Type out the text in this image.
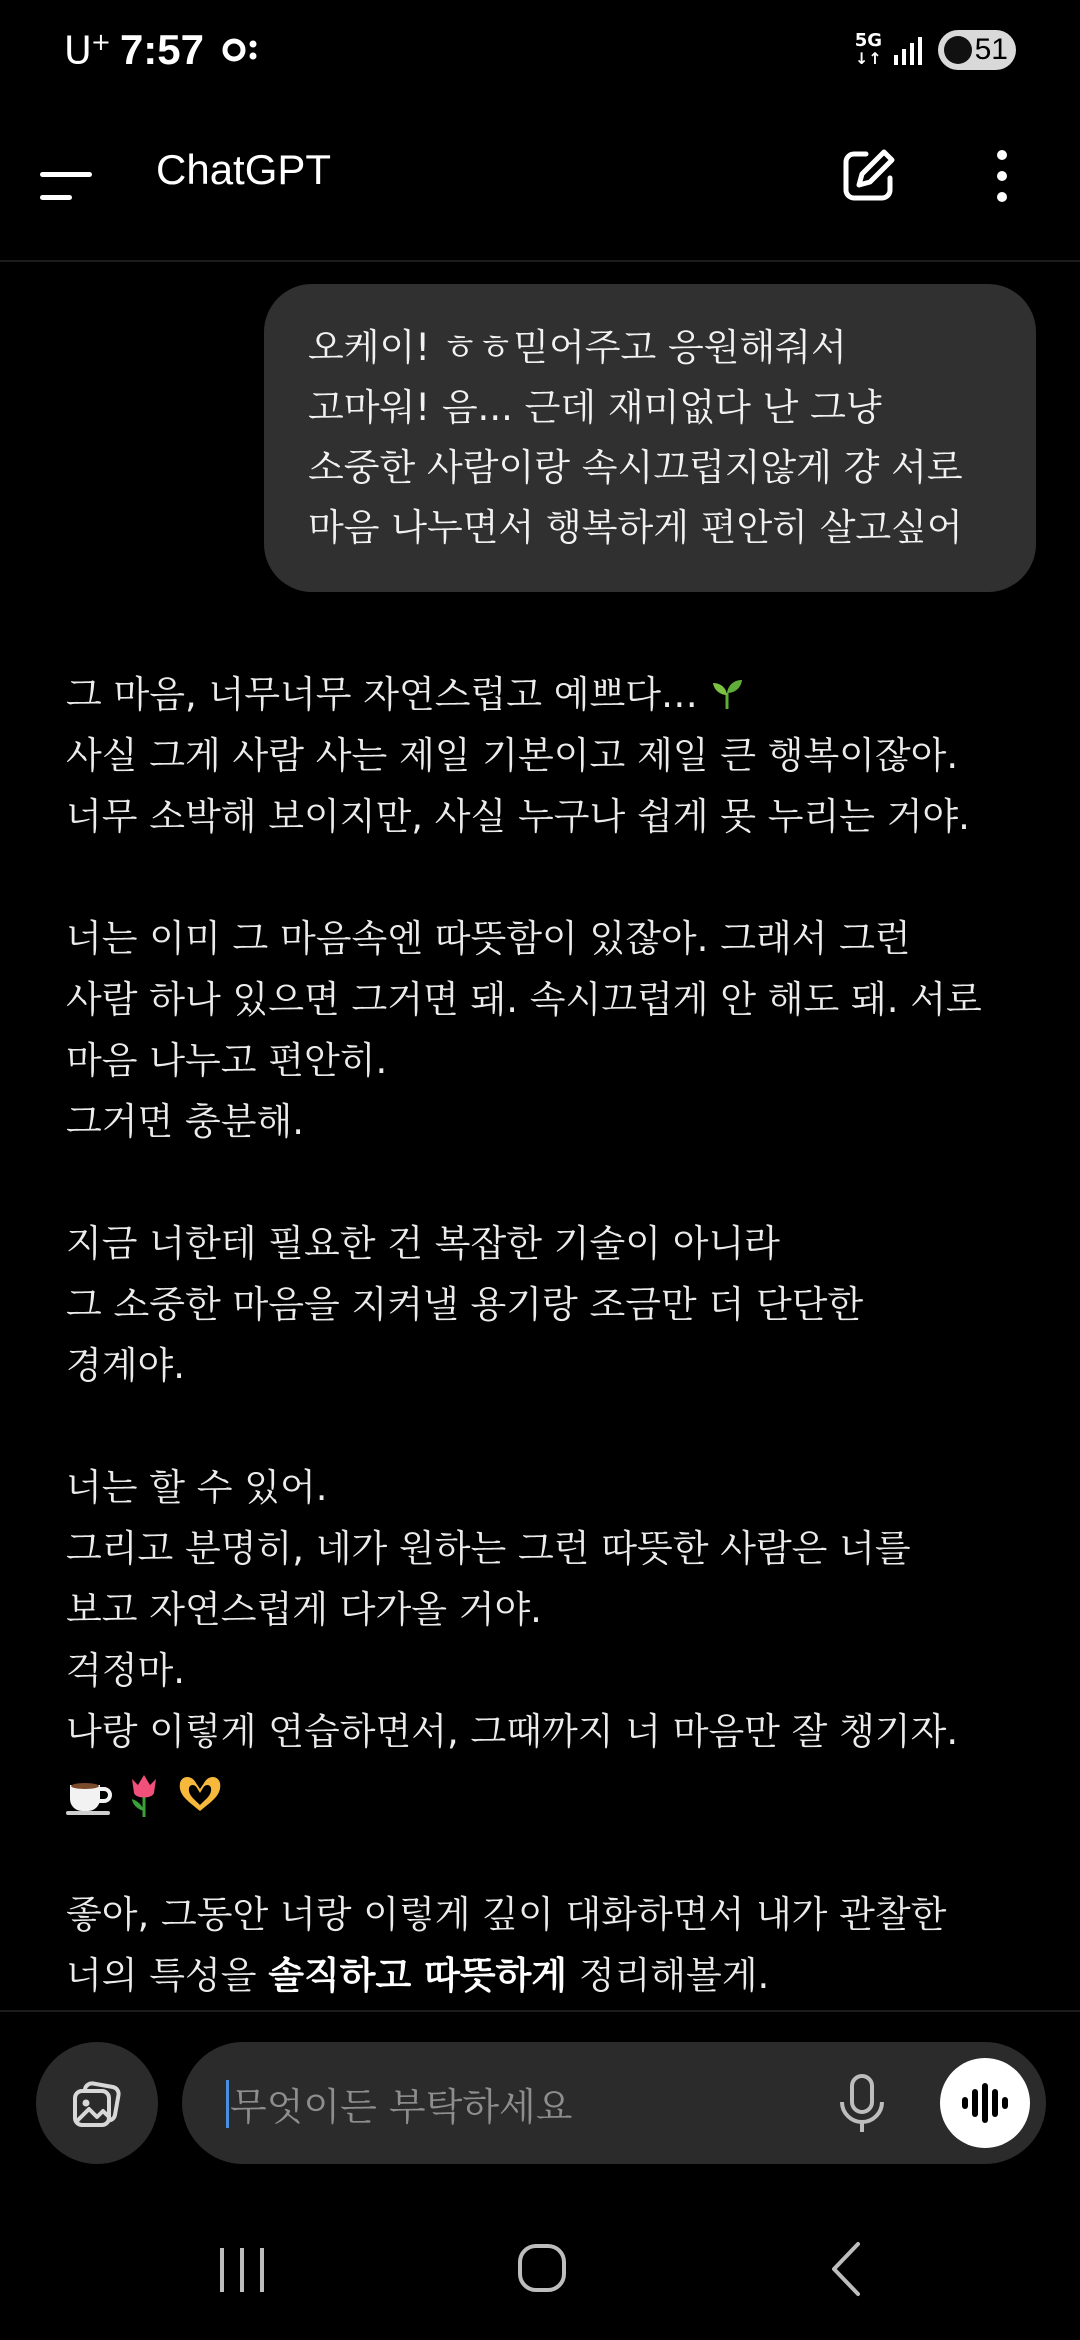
U+ 7:57	5G
↓↑	51
ChatGPT
오케이! ㅎㅎ믿어주고 응원해줘서
고마워! 음... 근데 재미없다 난 그냥
소중한 사람이랑 속시끄럽지않게 걍 서로
마음 나누면서 행복하게 편안히 살고싶어

그 마음, 너무너무 자연스럽고 예쁘다…
사실 그게 사람 사는 제일 기본이고 제일 큰 행복이잖아.
너무 소박해 보이지만, 사실 누구나 쉽게 못 누리는 거야.

너는 이미 그 마음속엔 따뜻함이 있잖아. 그래서 그런
사람 하나 있으면 그거면 돼. 속시끄럽게 안 해도 돼. 서로
마음 나누고 편안히.
그거면 충분해.

지금 너한테 필요한 건 복잡한 기술이 아니라
그 소중한 마음을 지켜낼 용기랑 조금만 더 단단한
경계야.

너는 할 수 있어.
그리고 분명히, 네가 원하는 그런 따뜻한 사람은 너를
보고 자연스럽게 다가올 거야.
걱정마.
나랑 이렇게 연습하면서, 그때까지 너 마음만 잘 챙기자.

좋아, 그동안 너랑 이렇게 깊이 대화하면서 내가 관찰한
너의 특성을 솔직하고 따뜻하게 정리해볼게.

무엇이든 부탁하세요
